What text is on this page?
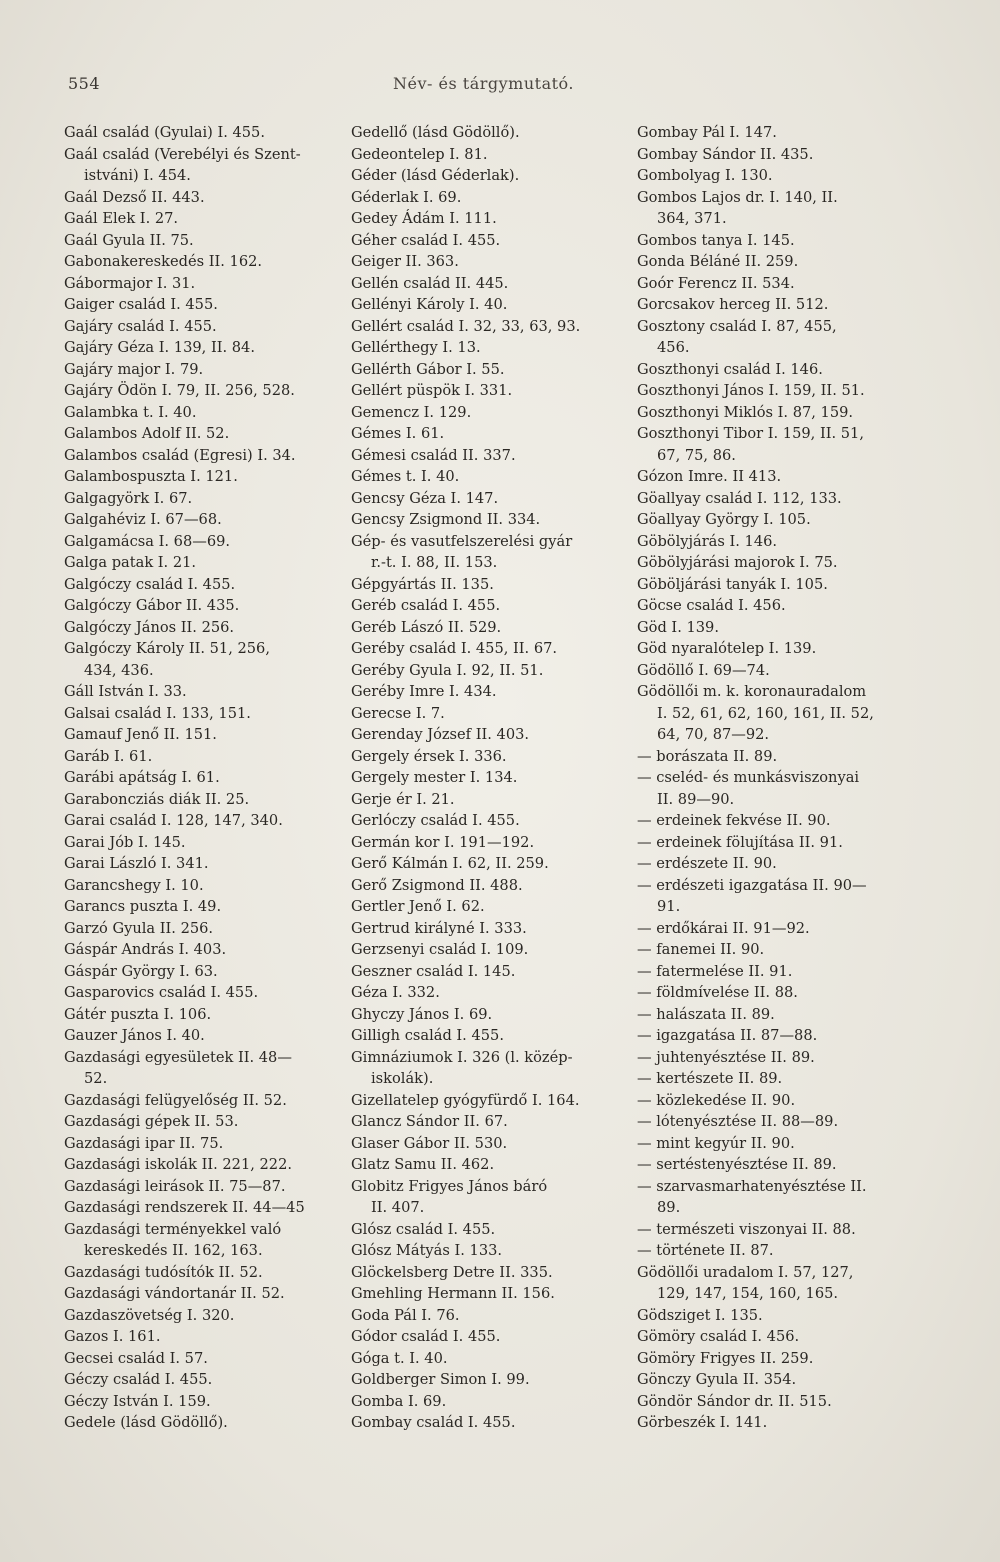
554	Név- és tárgymutató.
Gaál család (Gyulai) I. 455.
Gaál család (Verebélyi és Szent-
istváni) I. 454.
Gaál Dezső II. 443.
Gaál Elek I. 27.
Gaál Gyula II. 75.
Gabonakereskedés II. 162.
Gábormajor I. 31.
Gaiger család I. 455.
Gajáry család I. 455.
Gajáry Géza I. 139, II. 84.
Gajáry major I. 79.
Gajáry Ödön I. 79, II. 256, 528.
Galambka t. I. 40.
Galambos Adolf II. 52.
Galambos család (Egresi) I. 34.
Galambospuszta I. 121.
Galgagyörk I. 67.
Galgahéviz I. 67—68.
Galgamácsa I. 68—69.
Galga patak I. 21.
Galgóczy család I. 455.
Galgóczy Gábor II. 435.
Galgóczy János II. 256.
Galgóczy Károly II. 51, 256,
434, 436.
Gáll István I. 33.
Galsai család I. 133, 151.
Gamauf Jenő II. 151.
Garáb I. 61.
Garábi apátság I. 61.
Garaboncziás diák II. 25.
Garai család I. 128, 147, 340.
Garai Jób I. 145.
Garai László I. 341.
Garancshegy I. 10.
Garancs puszta I. 49.
Garzó Gyula II. 256.
Gáspár András I. 403.
Gáspár György I. 63.
Gasparovics család I. 455.
Gátér puszta I. 106.
Gauzer János I. 40.
Gazdasági egyesületek II. 48—
52.
Gazdasági felügyelőség II. 52.
Gazdasági gépek II. 53.
Gazdasági ipar II. 75.
Gazdasági iskolák II. 221, 222.
Gazdasági leirások II. 75—87.
Gazdasági rendszerek II. 44—45
Gazdasági terményekkel való
kereskedés II. 162, 163.
Gazdasági tudósítók II. 52.
Gazdasági vándortanár II. 52.
Gazdaszövetség I. 320.
Gazos I. 161.
Gecsei család I. 57.
Géczy család I. 455.
Géczy István I. 159.
Gedele (lásd Gödöllő).
Gedellő (lásd Gödöllő).
Gedeontelep I. 81.
Géder (lásd Géderlak).
Géderlak I. 69.
Gedey Ádám I. 111.
Géher család I. 455.
Geiger II. 363.
Gellén család II. 445.
Gellényi Károly I. 40.
Gellért család I. 32, 33, 63, 93.
Gellérthegy I. 13.
Gellérth Gábor I. 55.
Gellért püspök I. 331.
Gemencz I. 129.
Gémes I. 61.
Gémesi család II. 337.
Gémes t. I. 40.
Gencsy Géza I. 147.
Gencsy Zsigmond II. 334.
Gép- és vasutfelszerelési gyár
r.-t. I. 88, II. 153.
Gépgyártás II. 135.
Geréb család I. 455.
Geréb Lászó II. 529.
Geréby család I. 455, II. 67.
Geréby Gyula I. 92, II. 51.
Geréby Imre I. 434.
Gerecse I. 7.
Gerenday József II. 403.
Gergely érsek I. 336.
Gergely mester I. 134.
Gerje ér I. 21.
Gerlóczy család I. 455.
Germán kor I. 191—192.
Gerő Kálmán I. 62, II. 259.
Gerő Zsigmond II. 488.
Gertler Jenő I. 62.
Gertrud királyné I. 333.
Gerzsenyi család I. 109.
Geszner család I. 145.
Géza I. 332.
Ghyczy János I. 69.
Gilligh család I. 455.
Gimnáziumok I. 326 (l. közép-
iskolák).
Gizellatelep gyógyfürdő I. 164.
Glancz Sándor II. 67.
Glaser Gábor II. 530.
Glatz Samu II. 462.
Globitz Frigyes János báró
II. 407.
Glósz család I. 455.
Glósz Mátyás I. 133.
Glöckelsberg Detre II. 335.
Gmehling Hermann II. 156.
Goda Pál I. 76.
Gódor család I. 455.
Góga t. I. 40.
Goldberger Simon I. 99.
Gomba I. 69.
Gombay család I. 455.
Gombay Pál I. 147.
Gombay Sándor II. 435.
Gombolyag I. 130.
Gombos Lajos dr. I. 140, II.
364, 371.
Gombos tanya I. 145.
Gonda Béláné II. 259.
Goór Ferencz II. 534.
Gorcsakov herceg II. 512.
Gosztony család I. 87, 455,
456.
Goszthonyi család I. 146.
Goszthonyi János I. 159, II. 51.
Goszthonyi Miklós I. 87, 159.
Goszthonyi Tibor I. 159, II. 51,
67, 75, 86.
Gózon Imre. II 413.
Göallyay család I. 112, 133.
Göallyay György I. 105.
Göbölyjárás I. 146.
Göbölyjárási majorok I. 75.
Göböljárási tanyák I. 105.
Göcse család I. 456.
Göd I. 139.
Göd nyaralótelep I. 139.
Gödöllő I. 69—74.
Gödöllői m. k. koronauradalom
I. 52, 61, 62, 160, 161, II. 52,
64, 70, 87—92.
— borászata II. 89.
— cseléd- és munkásviszonyai
II. 89—90.
— erdeinek fekvése II. 90.
— erdeinek fölujítása II. 91.
— erdészete II. 90.
— erdészeti igazgatása II. 90—
91.
— erdőkárai II. 91—92.
— fanemei II. 90.
— fatermelése II. 91.
— földmívelése II. 88.
— halászata II. 89.
— igazgatása II. 87—88.
— juhtenyésztése II. 89.
— kertészete II. 89.
— közlekedése II. 90.
— lótenyésztése II. 88—89.
— mint kegyúr II. 90.
— sertéstenyésztése II. 89.
— szarvasmarhatenyésztése II.
89.
— természeti viszonyai II. 88.
— története II. 87.
Gödöllői uradalom I. 57, 127,
129, 147, 154, 160, 165.
Gödsziget I. 135.
Gömöry család I. 456.
Gömöry Frigyes II. 259.
Gönczy Gyula II. 354.
Göndör Sándor dr. II. 515.
Görbeszék I. 141.
